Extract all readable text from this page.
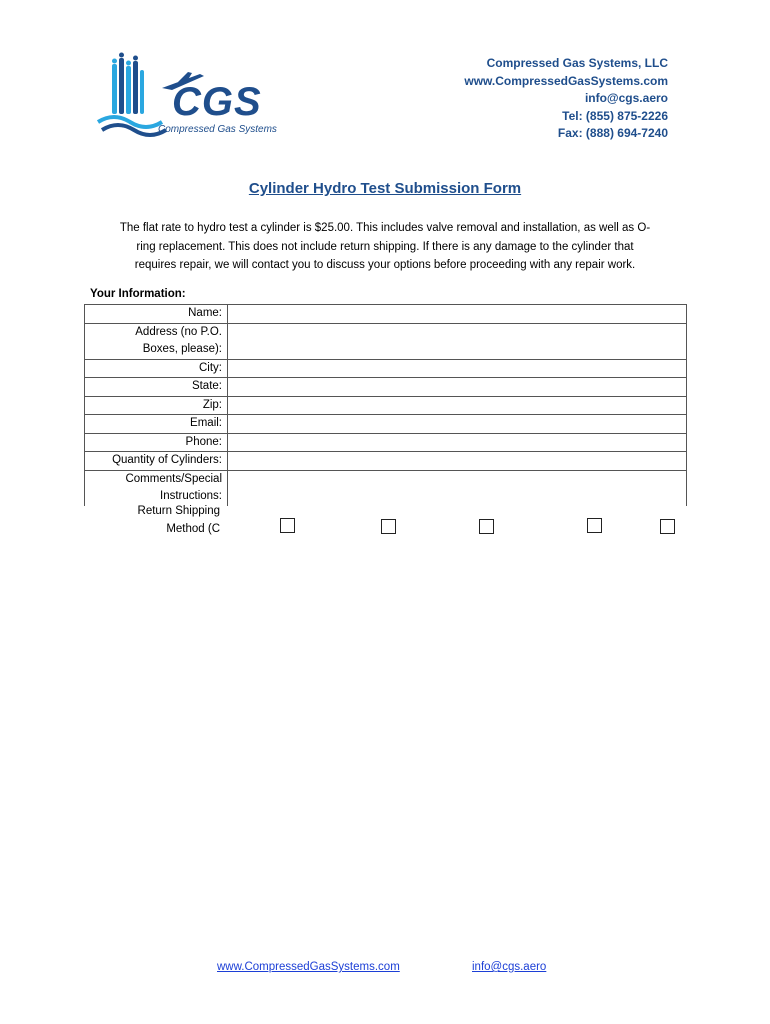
CGS
Compressed Gas Systems
Compressed Gas Systems, LLC
www.CompressedGasSystems.com
info@cgs.aero
Tel: (855) 875-2226
Fax: (888) 694-7240
Cylinder Hydro Test Submission Form
The flat rate to hydro test a cylinder is $25.00. This includes valve removal and installation, as well as O-
ring replacement. This does not include return shipping. If there is any damage to the cylinder that
requires repair, we will contact you to discuss your options before proceeding with any repair work.
Your Information:
Name:	

Address (no P.O.
Boxes, please):	

City:	
State:	
Zip:	
Email:	
Phone:	
Quantity of Cylinders:	

Comments/Special
Instructions:	

Return Shipping
Method (C
www.CompressedGasSystems.com	info@cgs.aero
